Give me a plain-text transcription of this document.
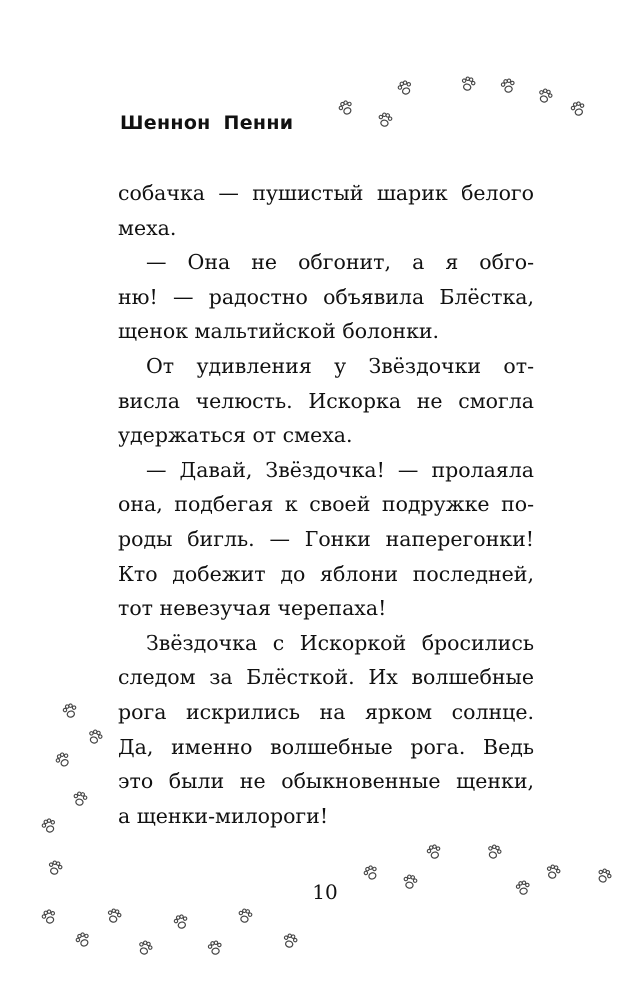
Шеннон Пенни
собачка — пушистый шарик белого
меха.
— Она не обгонит, а я обго-
ню! — радостно объявила Блёстка,
щенок мальтийской болонки.
От удивления у Звёздочки от-
висла челюсть. Искорка не смогла
удержаться от смеха.
— Давай, Звёздочка! — пролаяла
она, подбегая к своей подружке по-
роды бигль. — Гонки наперегонки!
Кто добежит до яблони последней,
тот невезучая черепаха!
Звёздочка с Искоркой бросились
следом за Блёсткой. Их волшебные
рога искрились на ярком солнце.
Да, именно волшебные рога. Ведь
это были не обыкновенные щенки,
а щенки-милороги!
10
